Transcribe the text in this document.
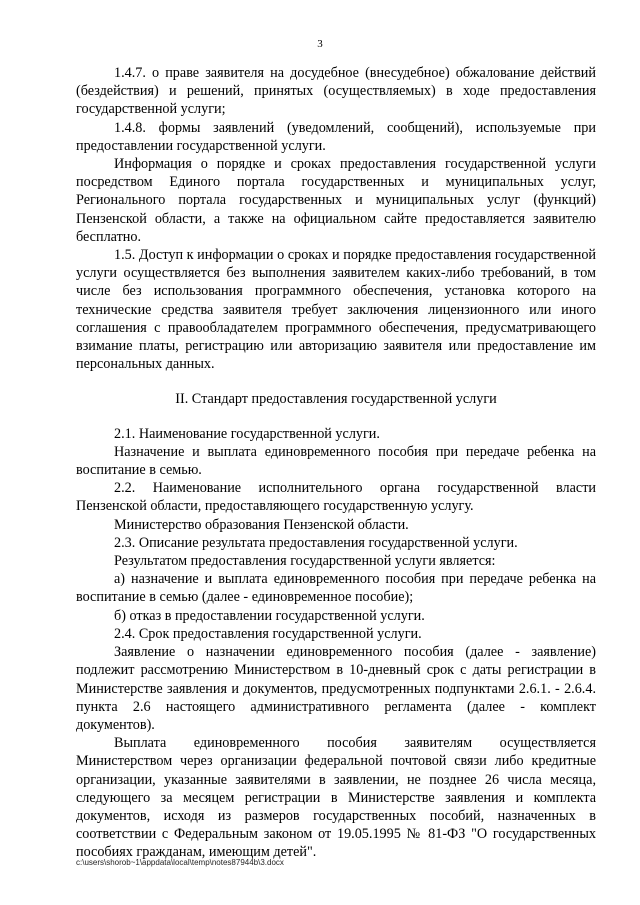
3

1.4.7. о праве заявителя на досудебное (внесудебное) обжалование действий (бездействия) и решений, принятых (осуществляемых) в ходе предоставления государственной услуги;

1.4.8. формы заявлений (уведомлений, сообщений), используемые при предоставлении государственной услуги.

Информация о порядке и сроках предоставления государственной услуги посредством Единого портала государственных и муниципальных услуг, Регионального портала государственных и муниципальных услуг (функций) Пензенской области, а также на официальном сайте предоставляется заявителю бесплатно.

1.5. Доступ к информации о сроках и порядке предоставления государственной услуги осуществляется без выполнения заявителем каких-либо требований, в том числе без использования программного обеспечения, установка которого на технические средства заявителя требует заключения лицензионного или иного соглашения с правообладателем программного обеспечения, предусматривающего взимание платы, регистрацию или авторизацию заявителя или предоставление им персональных данных.

II. Стандарт предоставления государственной услуги

2.1. Наименование государственной услуги.

Назначение и выплата единовременного пособия при передаче ребенка на воспитание в семью.

2.2. Наименование исполнительного органа государственной власти Пензенской области, предоставляющего государственную услугу.

Министерство образования Пензенской области.

2.3. Описание результата предоставления государственной услуги.

Результатом предоставления государственной услуги является:

а) назначение и выплата единовременного пособия при передаче ребенка на воспитание в семью (далее - единовременное пособие);

б) отказ в предоставлении государственной услуги.

2.4. Срок предоставления государственной услуги.

Заявление о назначении единовременного пособия (далее - заявление) подлежит рассмотрению Министерством в 10-дневный срок с даты регистрации в Министерстве заявления и документов, предусмотренных подпунктами 2.6.1. - 2.6.4. пункта 2.6 настоящего административного регламента (далее - комплект документов).

Выплата единовременного пособия заявителям осуществляется Министерством через организации федеральной почтовой связи либо кредитные организации, указанные заявителями в заявлении, не позднее 26 числа месяца, следующего за месяцем регистрации в Министерстве заявления и комплекта документов, исходя из размеров государственных пособий, назначенных в соответствии с Федеральным законом от 19.05.1995 № 81-ФЗ "О государственных пособиях гражданам, имеющим детей".

c:\users\shorob~1\appdata\local\temp\notes87944b\3.docx
